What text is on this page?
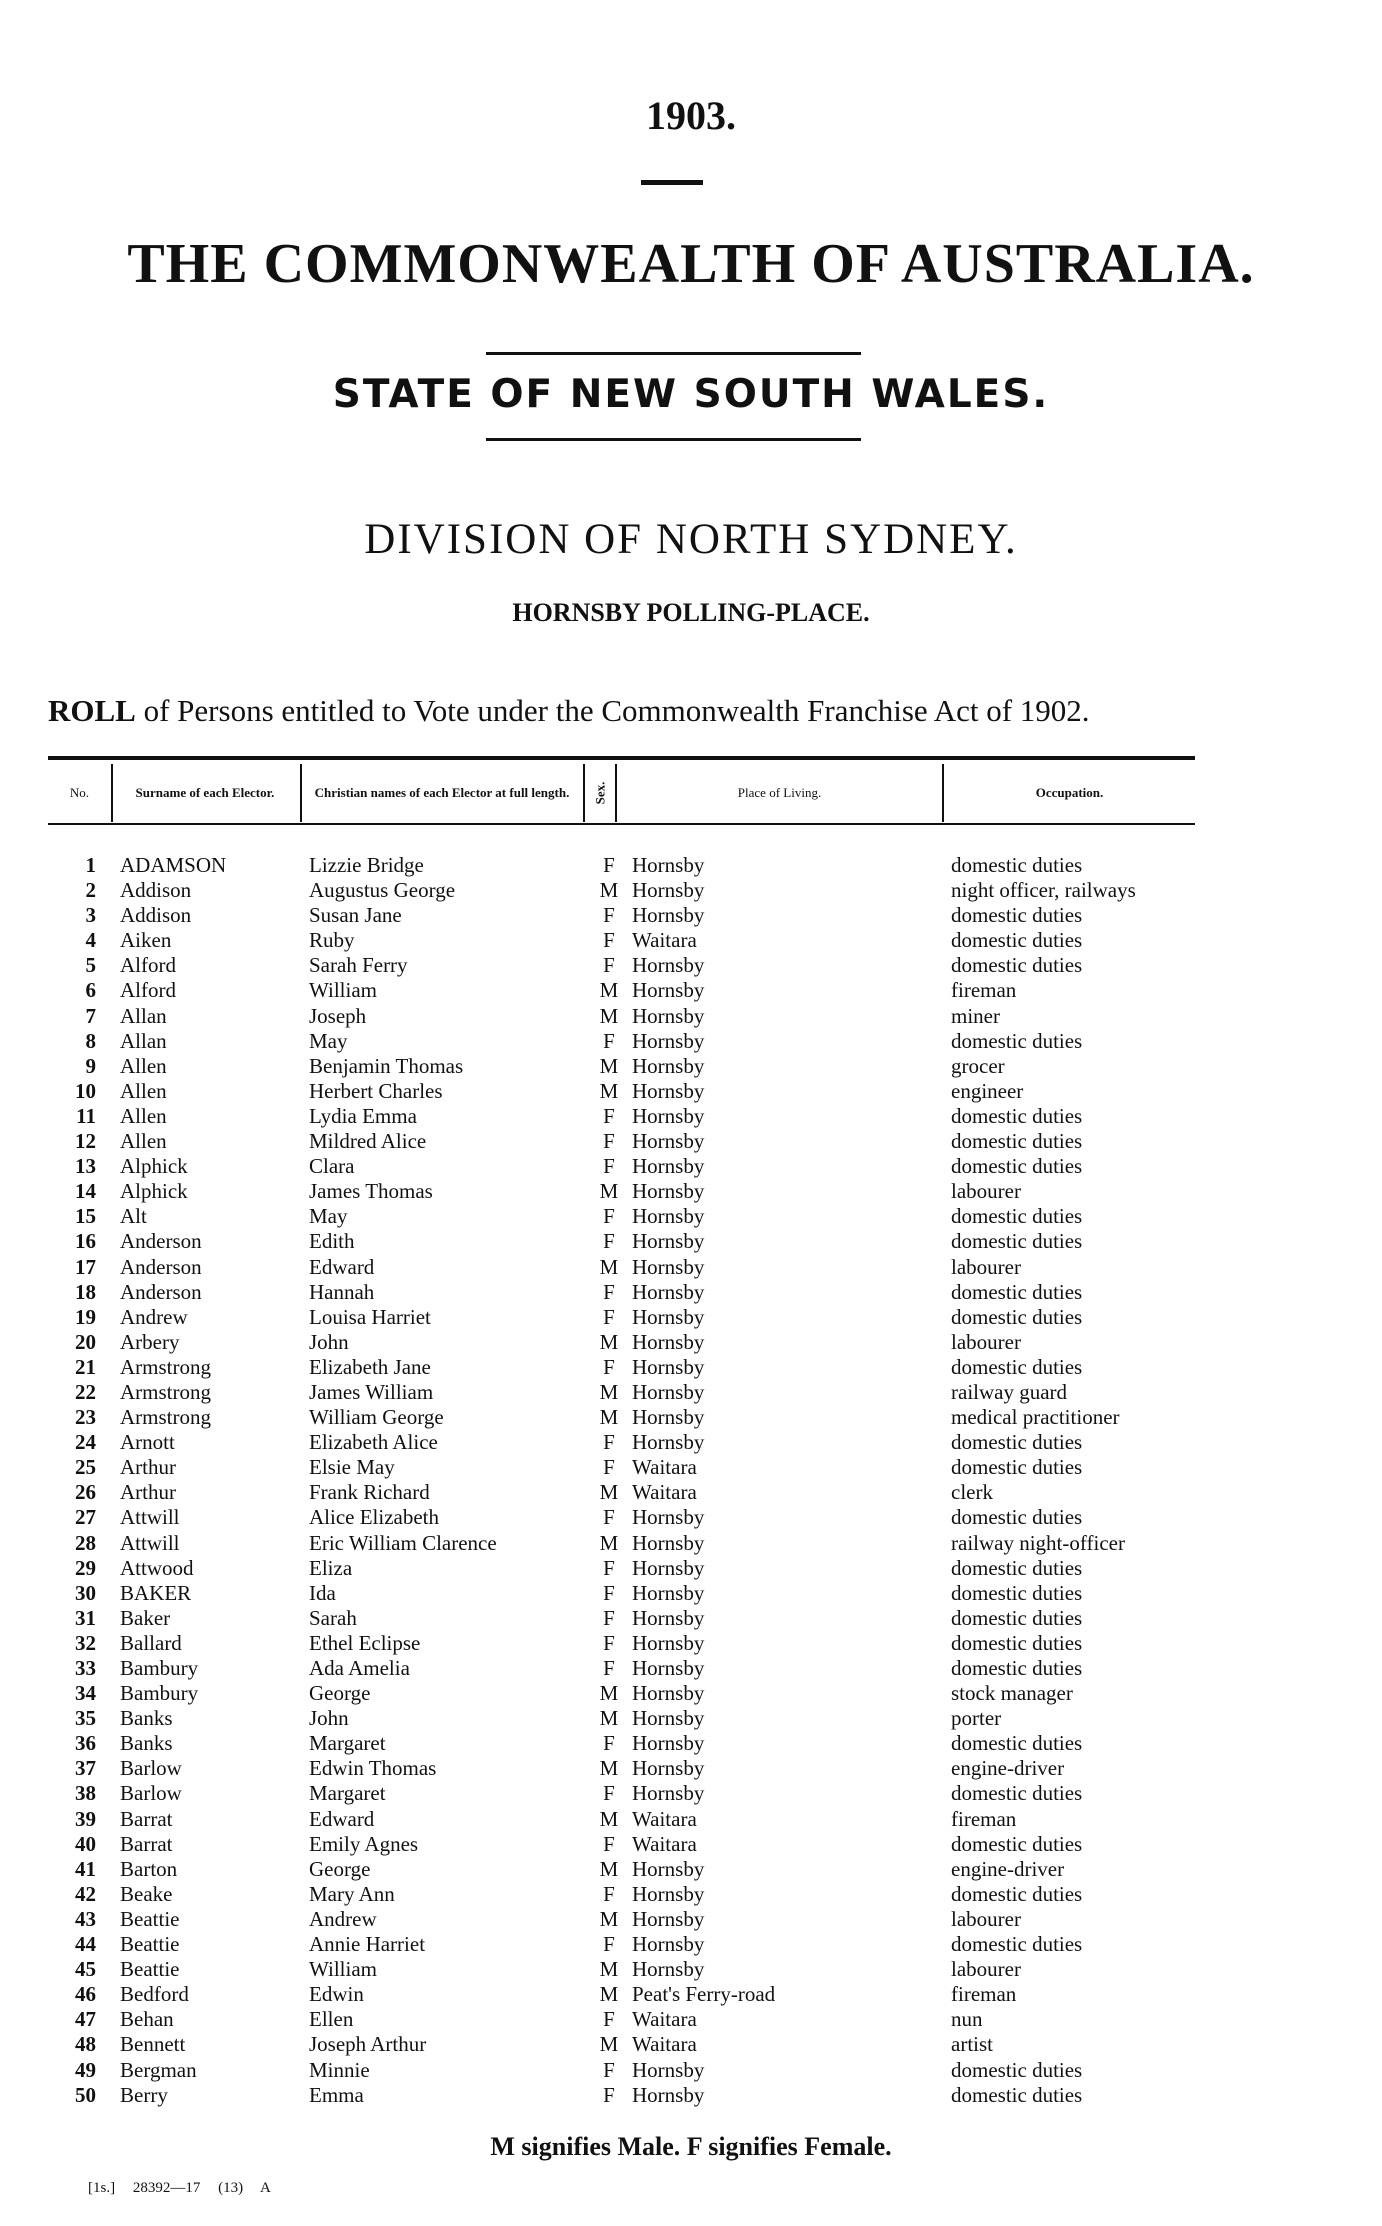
1903.
THE COMMONWEALTH OF AUSTRALIA.
STATE OF NEW SOUTH WALES.
DIVISION OF NORTH SYDNEY.
HORNSBY POLLING-PLACE.
ROLL of Persons entitled to Vote under the Commonwealth Franchise Act of 1902.
No.	Surname of each Elector.	Christian names of each Elector at full length.	Sex.	Place of Living.	Occupation.
1 ADAMSON	Lizzie Bridge	F Hornsby	domestic duties
2 Addison	Augustus George	M Hornsby	night officer, railways
3 Addison	Susan Jane	F Hornsby	domestic duties
4 Aiken	Ruby	F Waitara	domestic duties
5 Alford	Sarah Ferry	F Hornsby	domestic duties
6 Alford	William	M Hornsby	fireman
7 Allan	Joseph	M Hornsby	miner
8 Allan	May	F Hornsby	domestic duties
9 Allen	Benjamin Thomas	M Hornsby	grocer
10 Allen	Herbert Charles	M Hornsby	engineer
11 Allen	Lydia Emma	F Hornsby	domestic duties
12 Allen	Mildred Alice	F Hornsby	domestic duties
13 Alphick	Clara	F Hornsby	domestic duties
14 Alphick	James Thomas	M Hornsby	labourer
15 Alt	May	F Hornsby	domestic duties
16 Anderson	Edith	F Hornsby	domestic duties
17 Anderson	Edward	M Hornsby	labourer
18 Anderson	Hannah	F Hornsby	domestic duties
19 Andrew	Louisa Harriet	F Hornsby	domestic duties
20 Arbery	John	M Hornsby	labourer
21 Armstrong	Elizabeth Jane	F Hornsby	domestic duties
22 Armstrong	James William	M Hornsby	railway guard
23 Armstrong	William George	M Hornsby	medical practitioner
24 Arnott	Elizabeth Alice	F Hornsby	domestic duties
25 Arthur	Elsie May	F Waitara	domestic duties
26 Arthur	Frank Richard	M Waitara	clerk
27 Attwill	Alice Elizabeth	F Hornsby	domestic duties
28 Attwill	Eric William Clarence	M Hornsby	railway night-officer
29 Attwood	Eliza	F Hornsby	domestic duties
30 BAKER	Ida	F Hornsby	domestic duties
31 Baker	Sarah	F Hornsby	domestic duties
32 Ballard	Ethel Eclipse	F Hornsby	domestic duties
33 Bambury	Ada Amelia	F Hornsby	domestic duties
34 Bambury	George	M Hornsby	stock manager
35 Banks	John	M Hornsby	porter
36 Banks	Margaret	F Hornsby	domestic duties
37 Barlow	Edwin Thomas	M Hornsby	engine-driver
38 Barlow	Margaret	F Hornsby	domestic duties
39 Barrat	Edward	M Waitara	fireman
40 Barrat	Emily Agnes	F Waitara	domestic duties
41 Barton	George	M Hornsby	engine-driver
42 Beake	Mary Ann	F Hornsby	domestic duties
43 Beattie	Andrew	M Hornsby	labourer
44 Beattie	Annie Harriet	F Hornsby	domestic duties
45 Beattie	William	M Hornsby	labourer
46 Bedford	Edwin	M Peat's Ferry-road	fireman
47 Behan	Ellen	F Waitara	nun
48 Bennett	Joseph Arthur	M Waitara	artist
49 Bergman	Minnie	F Hornsby	domestic duties
50 Berry	Emma	F Hornsby	domestic duties
M signifies Male. F signifies Female.
[1s.] 28392—17 (13) A
